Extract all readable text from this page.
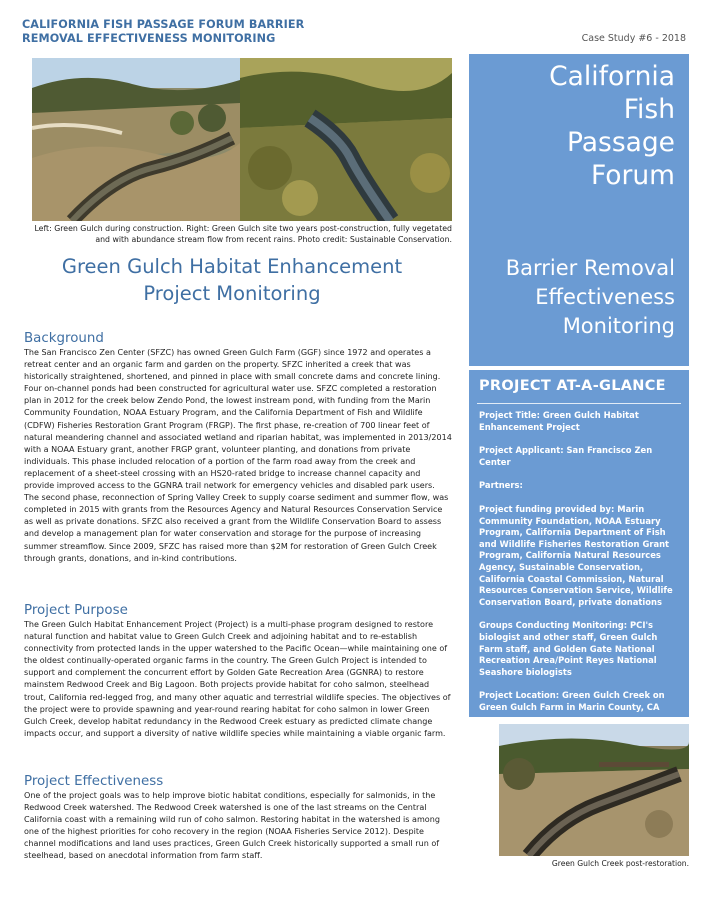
CALIFORNIA FISH PASSAGE FORUM BARRIER REMOVAL EFFECTIVENESS MONITORING	Case Study #6 - 2018
Left: Green Gulch during construction. Right: Green Gulch site two years post-construction, fully vegetated and with abundance stream flow from recent rains. Photo credit: Sustainable Conservation.
Green Gulch Habitat Enhancement Project Monitoring
California
Fish
Passage
Forum
Barrier Removal
Effectiveness
Monitoring
PROJECT AT-A-GLANCE

Project Title: Green Gulch Habitat Enhancement Project

Project Applicant: San Francisco Zen Center

Partners:

Project funding provided by: Marin Community Foundation, NOAA Estuary Program, California Department of Fish and Wildlife Fisheries Restoration Grant Program, California Natural Resources Agency, Sustainable Conservation, California Coastal Commission, Natural Resources Conservation Service, Wildlife Conservation Board, private donations

Groups Conducting Monitoring: PCI's biologist and other staff, Green Gulch Farm staff, and Golden Gate National Recreation Area/Point Reyes National Seashore biologists

Project Location: Green Gulch Creek on Green Gulch Farm in Marin County, CA

Green Gulch Creek post-restoration.
Background

The San Francisco Zen Center (SFZC) has owned Green Gulch Farm (GGF) since 1972 and operates a retreat center and an organic farm and garden on the property. SFZC inherited a creek that was historically straightened, shortened, and pinned in place with small concrete dams and concrete lining. Four on-channel ponds had been constructed for agricultural water use. SFZC completed a restoration plan in 2012 for the creek below Zendo Pond, the lowest instream pond, with funding from the Marin Community Foundation, NOAA Estuary Program, and the California Department of Fish and Wildlife (CDFW) Fisheries Restoration Grant Program (FRGP). The first phase, re-creation of 700 linear feet of natural meandering channel and associated wetland and riparian habitat, was implemented in 2013/2014 with a NOAA Estuary grant, another FRGP grant, volunteer planting, and donations from private individuals. This phase included relocation of a portion of the farm road away from the creek and replacement of a sheet-steel crossing with an HS20-rated bridge to increase channel capacity and provide improved access to the GGNRA trail network for emergency vehicles and disabled park users. The second phase, reconnection of Spring Valley Creek to supply coarse sediment and summer flow, was completed in 2015 with grants from the Resources Agency and Natural Resources Conservation Service as well as private donations. SFZC also received a grant from the Wildlife Conservation Board to assess and develop a management plan for water conservation and storage for the purpose of increasing summer streamflow. Since 2009, SFZC has raised more than $2M for restoration of Green Gulch Creek through grants, donations, and in-kind contributions.

Project Purpose

The Green Gulch Habitat Enhancement Project (Project) is a multi-phase program designed to restore natural function and habitat value to Green Gulch Creek and adjoining habitat and to re-establish connectivity from protected lands in the upper watershed to the Pacific Ocean—while maintaining one of the oldest continually-operated organic farms in the country. The Green Gulch Project is intended to support and complement the concurrent effort by Golden Gate Recreation Area (GGNRA) to restore mainstem Redwood Creek and Big Lagoon. Both projects provide habitat for coho salmon, steelhead trout, California red-legged frog, and many other aquatic and terrestrial wildlife species. The objectives of the project were to provide spawning and year-round rearing habitat for coho salmon in lower Green Gulch Creek, develop habitat redundancy in the Redwood Creek estuary as predicted climate change impacts occur, and support a diversity of native wildlife species while maintaining a viable organic farm.

Project Effectiveness

One of the project goals was to help improve biotic habitat conditions, especially for salmonids, in the Redwood Creek watershed. The Redwood Creek watershed is one of the last streams on the Central California coast with a remaining wild run of coho salmon. Restoring habitat in the watershed is among one of the highest priorities for coho recovery in the region (NOAA Fisheries Service 2012). Despite channel modifications and land uses practices, Green Gulch Creek historically supported a small run of steelhead, based on anecdotal information from farm staff.
